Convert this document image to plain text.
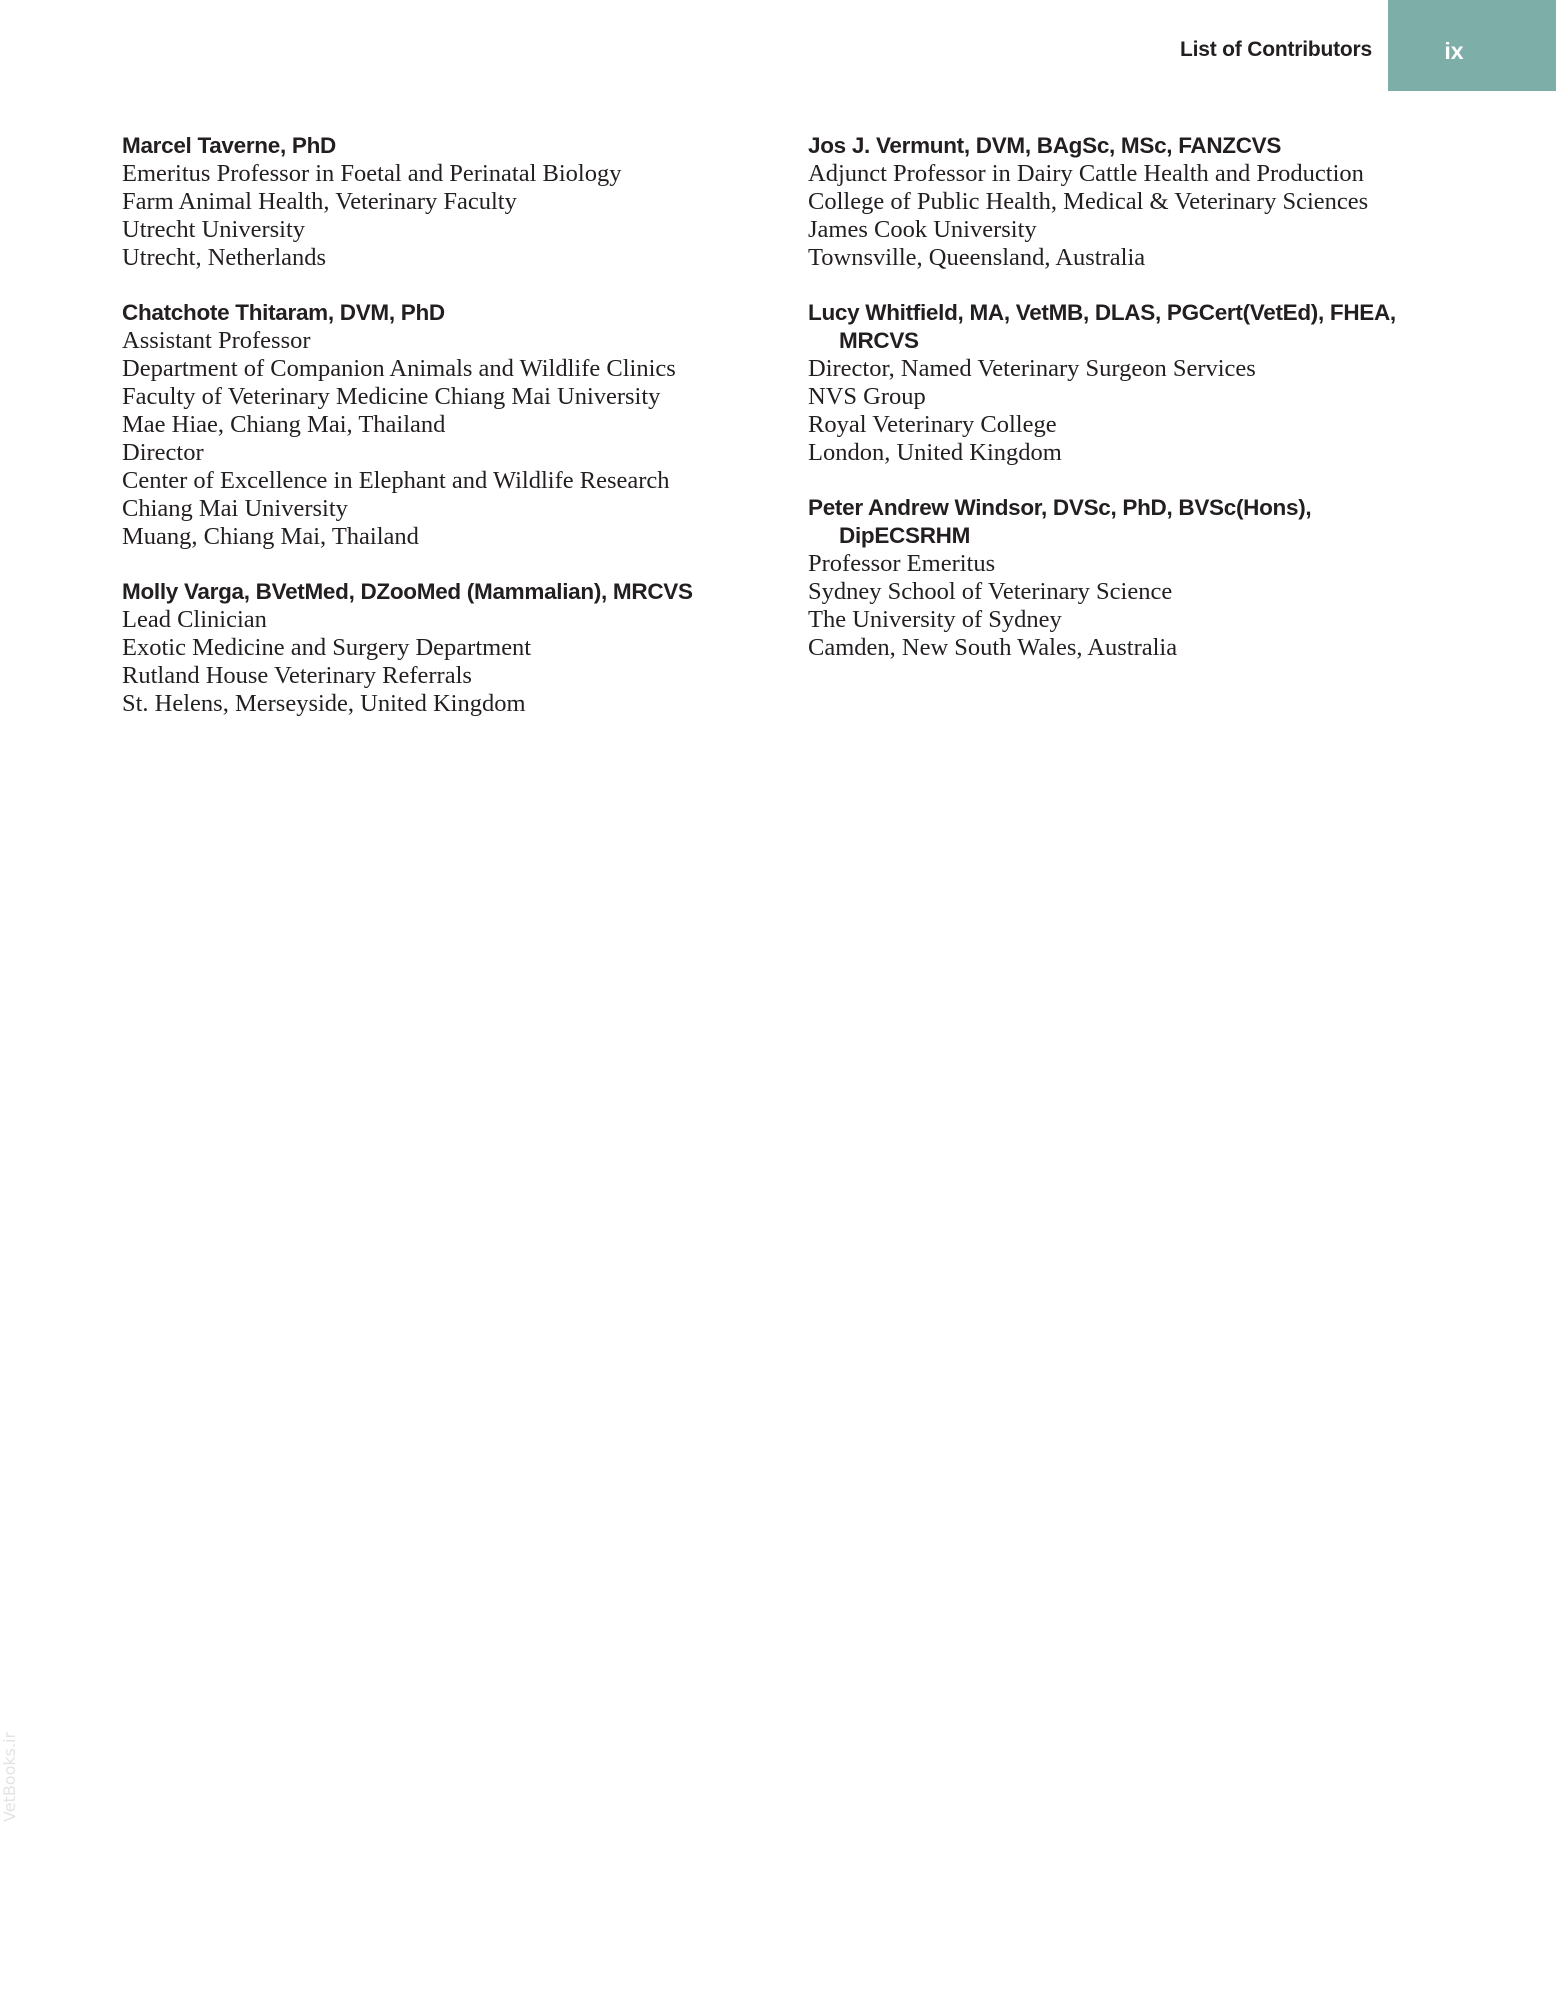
List of Contributors	ix
Marcel Taverne, PhD
Emeritus Professor in Foetal and Perinatal Biology
Farm Animal Health, Veterinary Faculty
Utrecht University
Utrecht, Netherlands
Chatchote Thitaram, DVM, PhD
Assistant Professor
Department of Companion Animals and Wildlife Clinics
Faculty of Veterinary Medicine Chiang Mai University
Mae Hiae, Chiang Mai, Thailand
Director
Center of Excellence in Elephant and Wildlife Research
Chiang Mai University
Muang, Chiang Mai, Thailand
Molly Varga, BVetMed, DZooMed (Mammalian), MRCVS
Lead Clinician
Exotic Medicine and Surgery Department
Rutland House Veterinary Referrals
St. Helens, Merseyside, United Kingdom
Jos J. Vermunt, DVM, BAgSc, MSc, FANZCVS
Adjunct Professor in Dairy Cattle Health and Production
College of Public Health, Medical & Veterinary Sciences
James Cook University
Townsville, Queensland, Australia
Lucy Whitfield, MA, VetMB, DLAS, PGCert(VetEd), FHEA, MRCVS
Director, Named Veterinary Surgeon Services
NVS Group
Royal Veterinary College
London, United Kingdom
Peter Andrew Windsor, DVSc, PhD, BVSc(Hons), DipECSRHM
Professor Emeritus
Sydney School of Veterinary Science
The University of Sydney
Camden, New South Wales, Australia
VetBooks.ir
